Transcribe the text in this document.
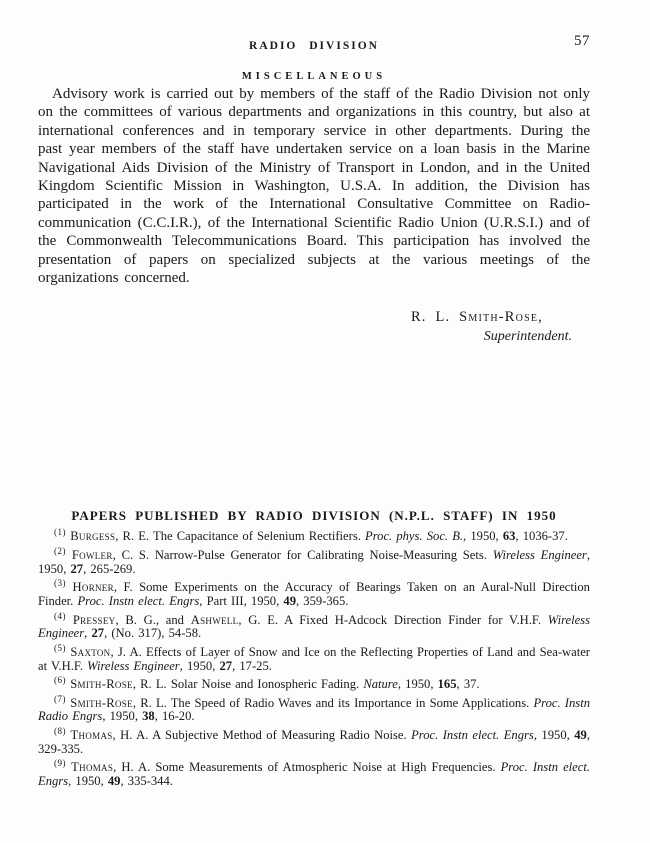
RADIO DIVISION	57
MISCELLANEOUS

Advisory work is carried out by members of the staff of the Radio Division not only on the committees of various departments and organizations in this country, but also at international conferences and in temporary service in other departments. During the past year members of the staff have undertaken service on a loan basis in the Marine Navigational Aids Division of the Ministry of Transport in London, and in the United Kingdom Scientific Mission in Washington, U.S.A. In addition, the Division has participated in the work of the International Consultative Committee on Radio-communication (C.C.I.R.), of the International Scientific Radio Union (U.R.S.I.) and of the Commonwealth Telecommunications Board. This participation has involved the presentation of papers on specialized subjects at the various meetings of the organizations concerned.

R. L. Smith-Rose,
Superintendent.
PAPERS PUBLISHED BY RADIO DIVISION (N.P.L. STAFF) IN 1950

$^{(1)}$ Burgess, R. E. The Capacitance of Selenium Rectifiers. Proc. phys. Soc. B., 1950, 63, 1036-37.

$^{(2)}$ Fowler, C. S. Narrow-Pulse Generator for Calibrating Noise-Measuring Sets. Wireless Engineer, 1950, 27, 265-269.

$^{(3)}$ Horner, F. Some Experiments on the Accuracy of Bearings Taken on an Aural-Null Direction Finder. Proc. Instn elect. Engrs, Part III, 1950, 49, 359-365.

$^{(4)}$ Pressey, B. G., and Ashwell, G. E. A Fixed H-Adcock Direction Finder for V.H.F. Wireless Engineer, 27, (No. 317), 54-58.

$^{(5)}$ Saxton, J. A. Effects of Layer of Snow and Ice on the Reflecting Properties of Land and Sea-water at V.H.F. Wireless Engineer, 1950, 27, 17-25.

$^{(6)}$ Smith-Rose, R. L. Solar Noise and Ionospheric Fading. Nature, 1950, 165, 37.

$^{(7)}$ Smith-Rose, R. L. The Speed of Radio Waves and its Importance in Some Applications. Proc. Instn Radio Engrs, 1950, 38, 16-20.

$^{(8)}$ Thomas, H. A. A Subjective Method of Measuring Radio Noise. Proc. Instn elect. Engrs, 1950, 49, 329-335.

$^{(9)}$ Thomas, H. A. Some Measurements of Atmospheric Noise at High Frequencies. Proc. Instn elect. Engrs, 1950, 49, 335-344.
